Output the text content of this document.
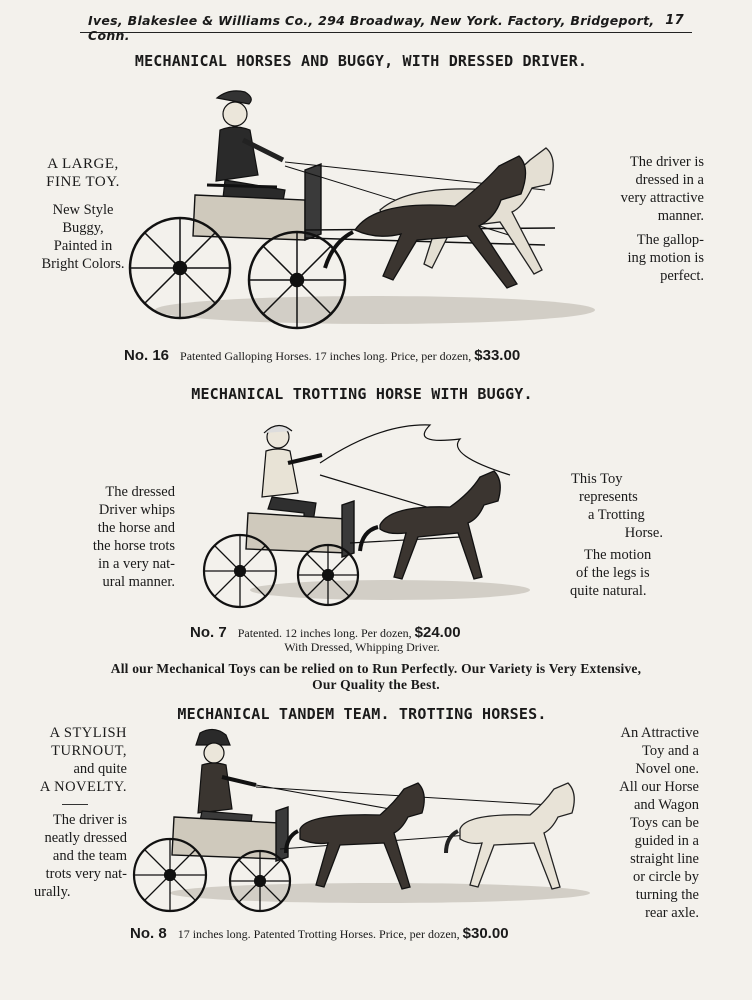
Ives, Blakeslee & Williams Co., 294 Broadway, New York. Factory, Bridgeport, Conn.
17
MECHANICAL HORSES AND BUGGY, WITH DRESSED DRIVER.

A LARGE,

FINE TOY.

New Style

Buggy,

Painted in

Bright Colors.

The driver is

dressed in a

very attractive

manner.

The gallop-

ing motion is

perfect.

No. 16 Patented Galloping Horses. 17 inches long. Price, per dozen, $33.00
MECHANICAL TROTTING HORSE WITH BUGGY.

The dressed

Driver whips

the horse and

the horse trots

in a very nat-

ural manner.

This Toy

represents

a Trotting

Horse.

The motion

of the legs is

quite natural.

No. 7 Patented. 12 inches long. Per dozen, $24.00
With Dressed, Whipping Driver.
All our Mechanical Toys can be relied on to Run Perfectly. Our Variety is Very Extensive,
Our Quality the Best.
MECHANICAL TANDEM TEAM. TROTTING HORSES.

A STYLISH

TURNOUT,

and quite

A NOVELTY.

The driver is

neatly dressed

and the team

trots very nat-

urally.

An Attractive

Toy and a

Novel one.

All our Horse

and Wagon

Toys can be

guided in a

straight line

or circle by

turning the

rear axle.

No. 8 17 inches long. Patented Trotting Horses. Price, per dozen, $30.00
